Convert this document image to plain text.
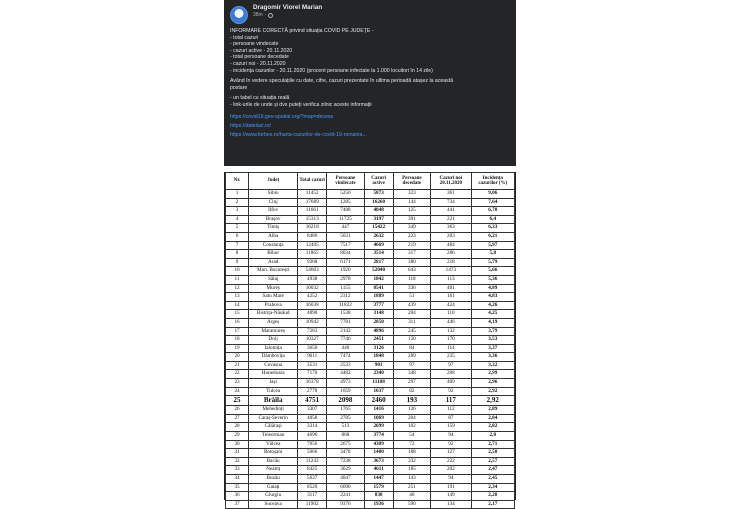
Dragomir Viorel Marian
38m ·
INFORMARE CORECTĂ privind situația COVID PE JUDEȚE -
- total cazuri
- persoane vindecate
- cazuri active - 20.11.2020
- total persoane decedate
- cazuri noi - 20.11.2020
- incidența cazurilor - 20.11.2020 (procent persoane infectate la 1.000 locuitori în 14 zile)
Având în vedere speculațiile cu date, cifre, cazuri prezentate în ultima perioadă atașez la această
postare
- un tabel cu situația reală
- link-urile de unde și dvs puteți verifica zilnic aceste informații
https://covid19.geo-spatial.org/?map=decese
https://datelazi.ro/
https://www.forbes.ro/harta-cazurilor-de-covid-19-romania...
Nr.	Județ	Total cazuri	Persoane vindecate	Cazuri active	Persoane decedate	Cazuri noi 20.11.2020	Incidența cazurilor (%)
1	Sibiu	11452	5256	5873	323	361	9,06
2	Cluj	17689	1285	16260	144	734	7,64
3	Ilfov	11661	7488	4048	125	441	6,78
4	Brașov	15313	11725	3197	391	221	6,4
5	Timiș	16218	447	15422	349	363	6,33
6	Alba	8486	5631	2632	223	203	6,21
7	Constanța	12405	7517	4669	219	484	5,97
8	Bihor	11865	8034	3514	317	286	5,8
9	Arad	9368	6171	2817	380	218	5,79
10	Mun. București	54603	1920	52040	643	1473	5,66
11	Sălaj	4938	2978	1842	118	113	5,36
12	Mureș	10032	1155	8541	336	401	4,89
13	Satu Mare	4252	2312	1889	51	161	4,83
14	Prahova	16038	11822	3777	439	424	4,26
15	Bistrița-Năsăud	4890	1538	3148	204	110	4,25
16	Argeș	10942	7781	2850	311	446	4,19
17	Maramureș	7283	2142	4896	245	132	3,79
18	Dolj	10327	7746	2451	130	170	3,53
19	Ialomița	3650	440	3126	84	114	3,37
20	Dâmbovița	9611	7474	1848	289	235	3,36
21	Covasna	3531	2533	901	97	97	3,32
22	Hunedoara	7170	4482	2340	348	208	2,99
23	Iași	16378	4973	11108	297	409	2,96
24	Tulcea	2778	1659	1037	82	92	2,92
25	Brăila	4751	2098	2460	193	117	2,92
26	Mehedinți	3307	1765	1416	126	112	2,89
27	Caraș-Severin	4058	2785	1069	204	87	2,84
28	Călărași	3314	513	2699	102	159	2,82
29	Teleorman	4696	868	3774	54	94	2,8
30	Vâlcea	7056	2675	4309	72	92	2,71
31	Botoșani	5066	3478	1400	188	127	2,58
32	Bacău	11243	7238	3673	332	222	2,57
33	Neamț	8425	3629	4611	185	202	2,47
34	Buzău	5637	4047	1447	143	94	2,45
35	Galați	8520	6690	1579	251	191	2,34
36	Giurgiu	3117	2241	830	46	149	2,28
37	Suceava	11902	9376	1936	590	134	2,17
